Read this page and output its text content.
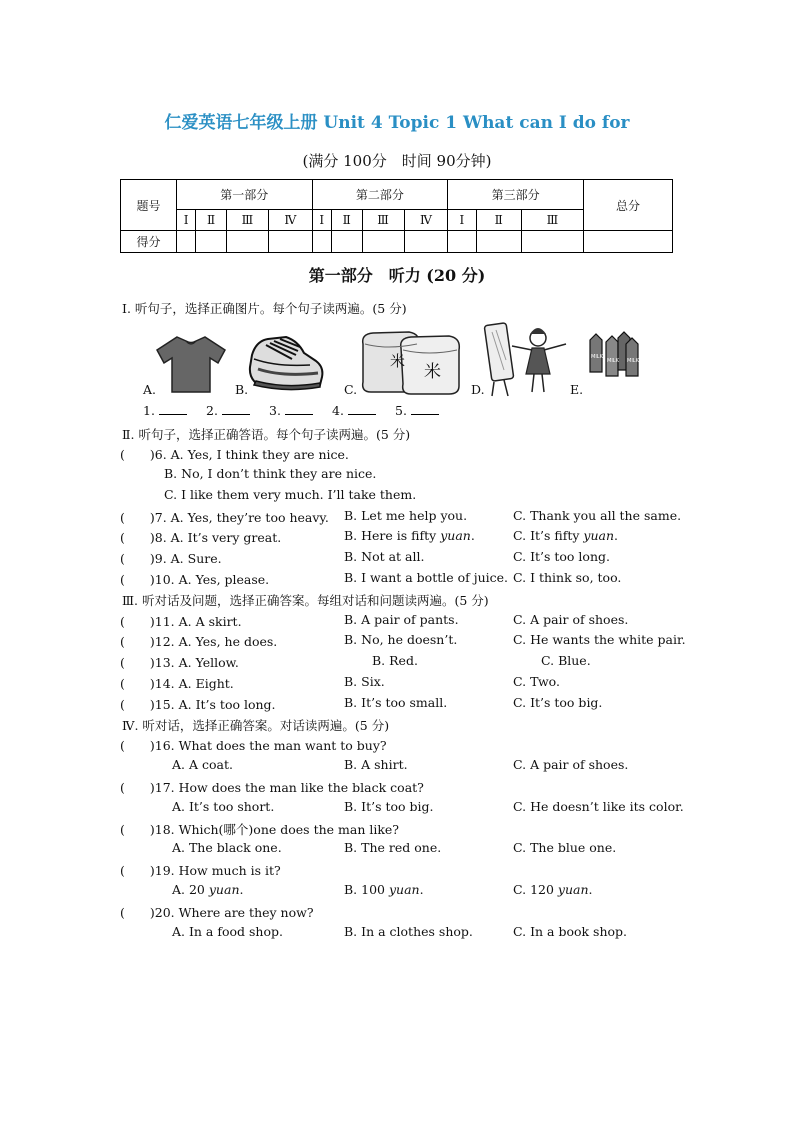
仁爱英语七年级上册 Unit 4 Topic 1 What can I do for
(满分 100分　时间 90分钟)
题号	第一部分				第二部分				第三部分			总分
	Ⅰ	Ⅱ	Ⅲ	Ⅳ	Ⅰ	Ⅱ	Ⅲ	Ⅳ	Ⅰ	Ⅱ	Ⅲ	
得分												
第一部分　听力 (20 分)
Ⅰ. 听句子，选择正确图片。每个句子读两遍。(5 分)
A.	B.	C.
米
米
D.	E.
MILK
MILK MILK
1.	2.	3.	4.	5.
Ⅱ. 听句子，选择正确答语。每个句子读两遍。(5 分)
(　　)6. A. Yes, I think they are nice.
B. No, I don’t think they are nice.
C. I like them very much. I’ll take them.
(　　)7. A. Yes, they’re too heavy. B. Let me help you.	C. Thank you all the same.
(　　)8. A. It’s very great.	B. Here is fifty yuan.	C. It’s fifty yuan.
(　　)9. A. Sure.	B. Not at all.	C. It’s too long.
(　　)10. A. Yes, please.	B. I want a bottle of juice. C. I think so, too.
Ⅲ. 听对话及问题，选择正确答案。每组对话和问题读两遍。(5 分)
(　　)11. A. A skirt.	B. A pair of pants.	C. A pair of shoes.
(　　)12. A. Yes, he does.	B. No, he doesn’t.	C. He wants the white pair.
(　　)13. A. Yellow.	B. Red.	C. Blue.
(　　)14. A. Eight.	B. Six.	C. Two.
(　　)15. A. It’s too long.	B. It’s too small.	C. It’s too big.
Ⅳ. 听对话，选择正确答案。对话读两遍。(5 分)
(　　)16. What does the man want to buy?
A. A coat.	B. A shirt.	C. A pair of shoes.
(　　)17. How does the man like the black coat?
A. It’s too short.	B. It’s too big.	C. He doesn’t like its color.
(　　)18. Which(哪个)one does the man like?
A. The black one.	B. The red one.	C. The blue one.
(　　)19. How much is it?
A. 20 yuan.	B. 100 yuan.	C. 120 yuan.
(　　)20. Where are they now?
A. In a food shop.	B. In a clothes shop.	C. In a book shop.
